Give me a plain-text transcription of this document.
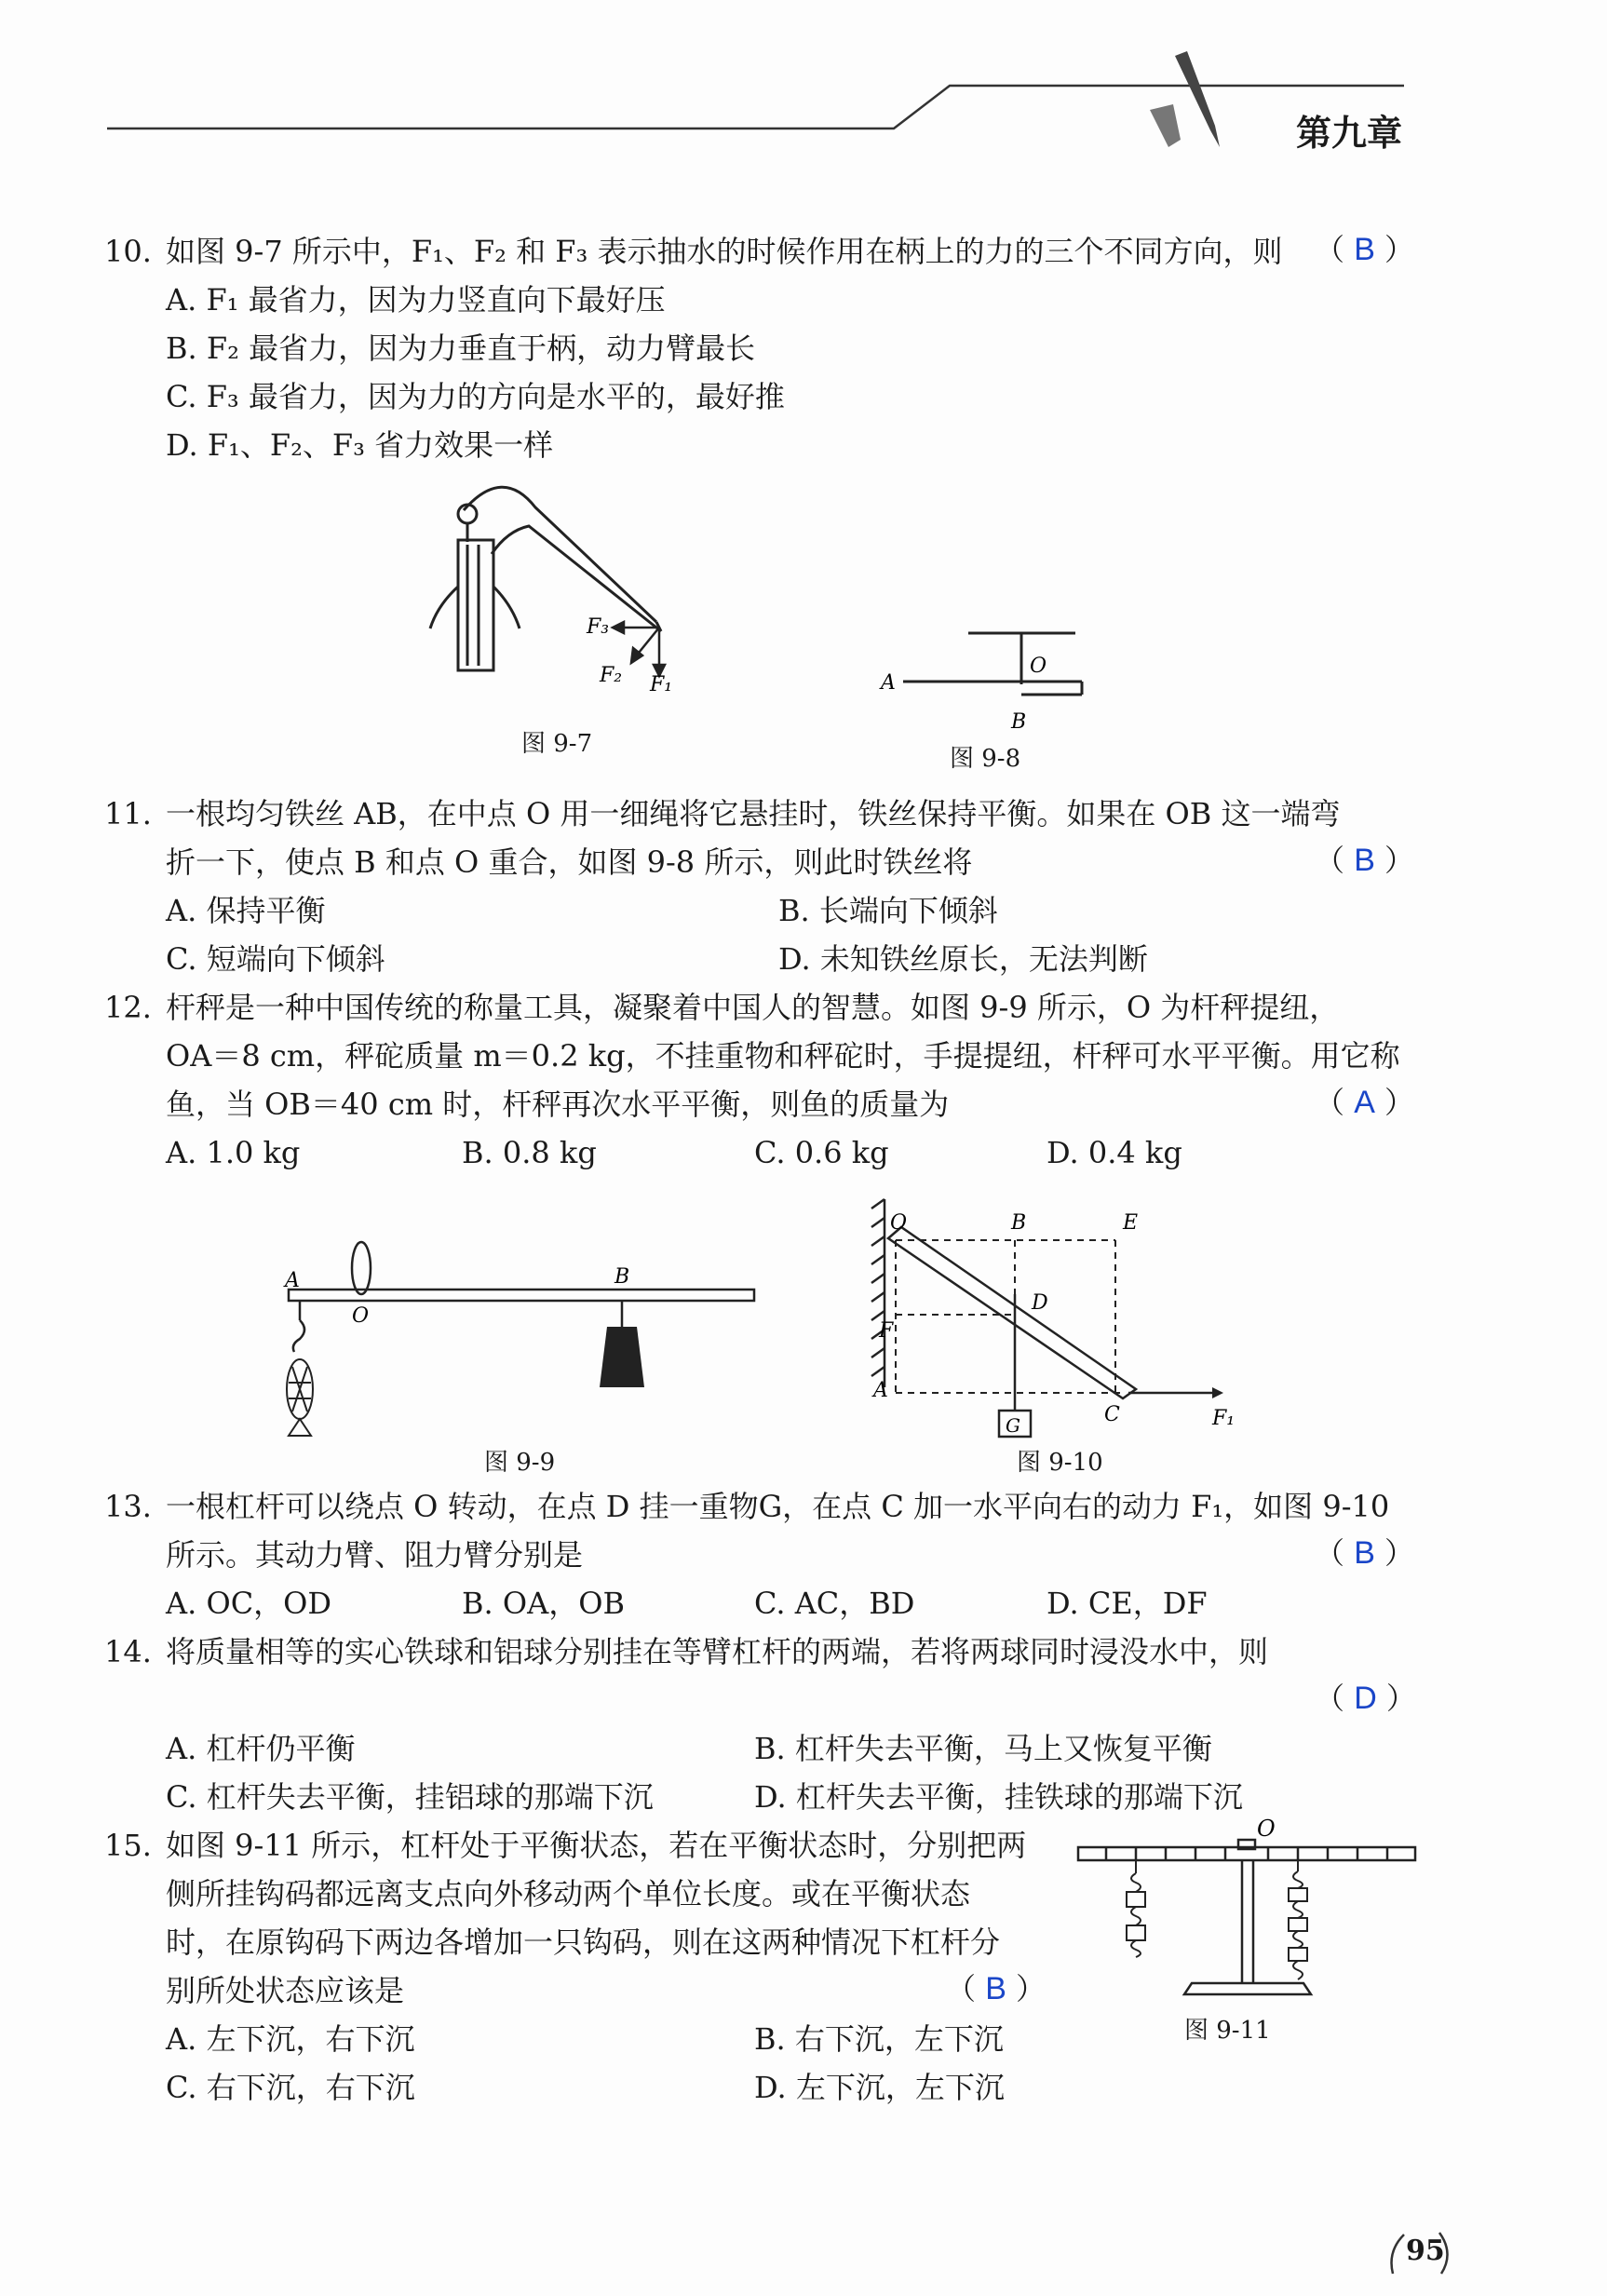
第九章
10. 如图 9-7 所示中，F₁、F₂ 和 F₃ 表示抽水的时候作用在柄上的力的三个不同方向，则 （ B ）
A. F₁ 最省力，因为力竖直向下最好压
B. F₂ 最省力，因为力垂直于柄，动力臂最长
C. F₃ 最省力，因为力的方向是水平的，最好推
D. F₁、F₂、F₃ 省力效果一样
F₃
F₂ F₁
图 9-7
A
O
B
图 9-8
11. 一根均匀铁丝 AB，在中点 O 用一细绳将它悬挂时，铁丝保持平衡。如果在 OB 这一端弯
折一下，使点 B 和点 O 重合，如图 9-8 所示，则此时铁丝将	（ B ）
A. 保持平衡	B. 长端向下倾斜
C. 短端向下倾斜	D. 未知铁丝原长，无法判断
12. 杆秤是一种中国传统的称量工具，凝聚着中国人的智慧。如图 9-9 所示，O 为杆秤提纽，
OA＝8 cm，秤砣质量 m＝0.2 kg，不挂重物和秤砣时，手提提纽，杆秤可水平平衡。用它称
鱼，当 OB＝40 cm 时，杆秤再次水平平衡，则鱼的质量为	（ A ）
A. 1.0 kg	B. 0.8 kg	C. 0.6 kg	D. 0.4 kg
A
O
B
图 9-9
O	B	E
D
F
A
C
G	F₁
图 9-10
13. 一根杠杆可以绕点 O 转动，在点 D 挂一重物G，在点 C 加一水平向右的动力 F₁，如图 9-10
所示。其动力臂、阻力臂分别是	（ B ）
A. OC，OD	B. OA，OB	C. AC，BD	D. CE，DF
14. 将质量相等的实心铁球和铝球分别挂在等臂杠杆的两端，若将两球同时浸没水中，则
（ D ）
A. 杠杆仍平衡	B. 杠杆失去平衡，马上又恢复平衡
C. 杠杆失去平衡，挂铝球的那端下沉	D. 杠杆失去平衡，挂铁球的那端下沉
15. 如图 9-11 所示，杠杆处于平衡状态，若在平衡状态时，分别把两
侧所挂钩码都远离支点向外移动两个单位长度。或在平衡状态
时，在原钩码下两边各增加一只钩码，则在这两种情况下杠杆分
别所处状态应该是	（ B ）
A. 左下沉，右下沉	B. 右下沉，左下沉
C. 右下沉，右下沉	D. 左下沉，左下沉
O
图 9-11
95
